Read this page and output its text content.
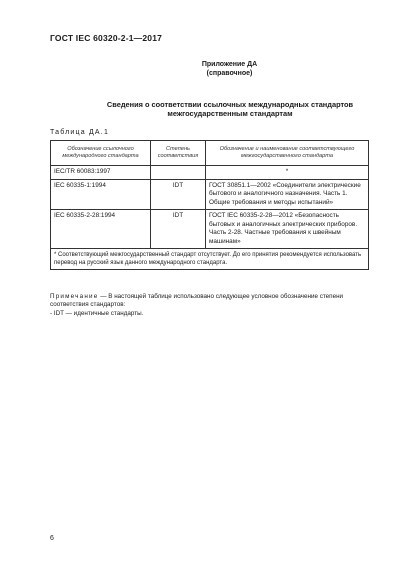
ГОСТ IEC 60320-2-1—2017
Приложение ДА
(справочное)
Сведения о соответствии ссылочных международных стандартов
межгосударственным стандартам
Таблица ДА.1
Обозначение ссылочного международного стандарта	Степень соответствия	Обозначение и наименование соответствующего межгосударственного стандарта
IEC/TR 60083:1997		*
IEC 60335-1:1994	IDT	ГОСТ 30851.1—2002 «Соединители электрические бытового и аналогичного назначения. Часть 1. Общие требования и методы испытаний»
IEC 60335-2-28:1994	IDT	ГОСТ IEC 60335-2-28—2012 «Безопасность бытовых и аналогичных электрических приборов. Часть 2-28. Частные требования к швейным машинам»
* Соответствующий межгосударственный стандарт отсутствует. До его принятия рекомендуется использовать перевод на русский язык данного международного стандарта.		
Примечание — В настоящей таблице использовано следующее условное обозначение степени соответствия стандартов:
- IDT — идентичные стандарты.
6
